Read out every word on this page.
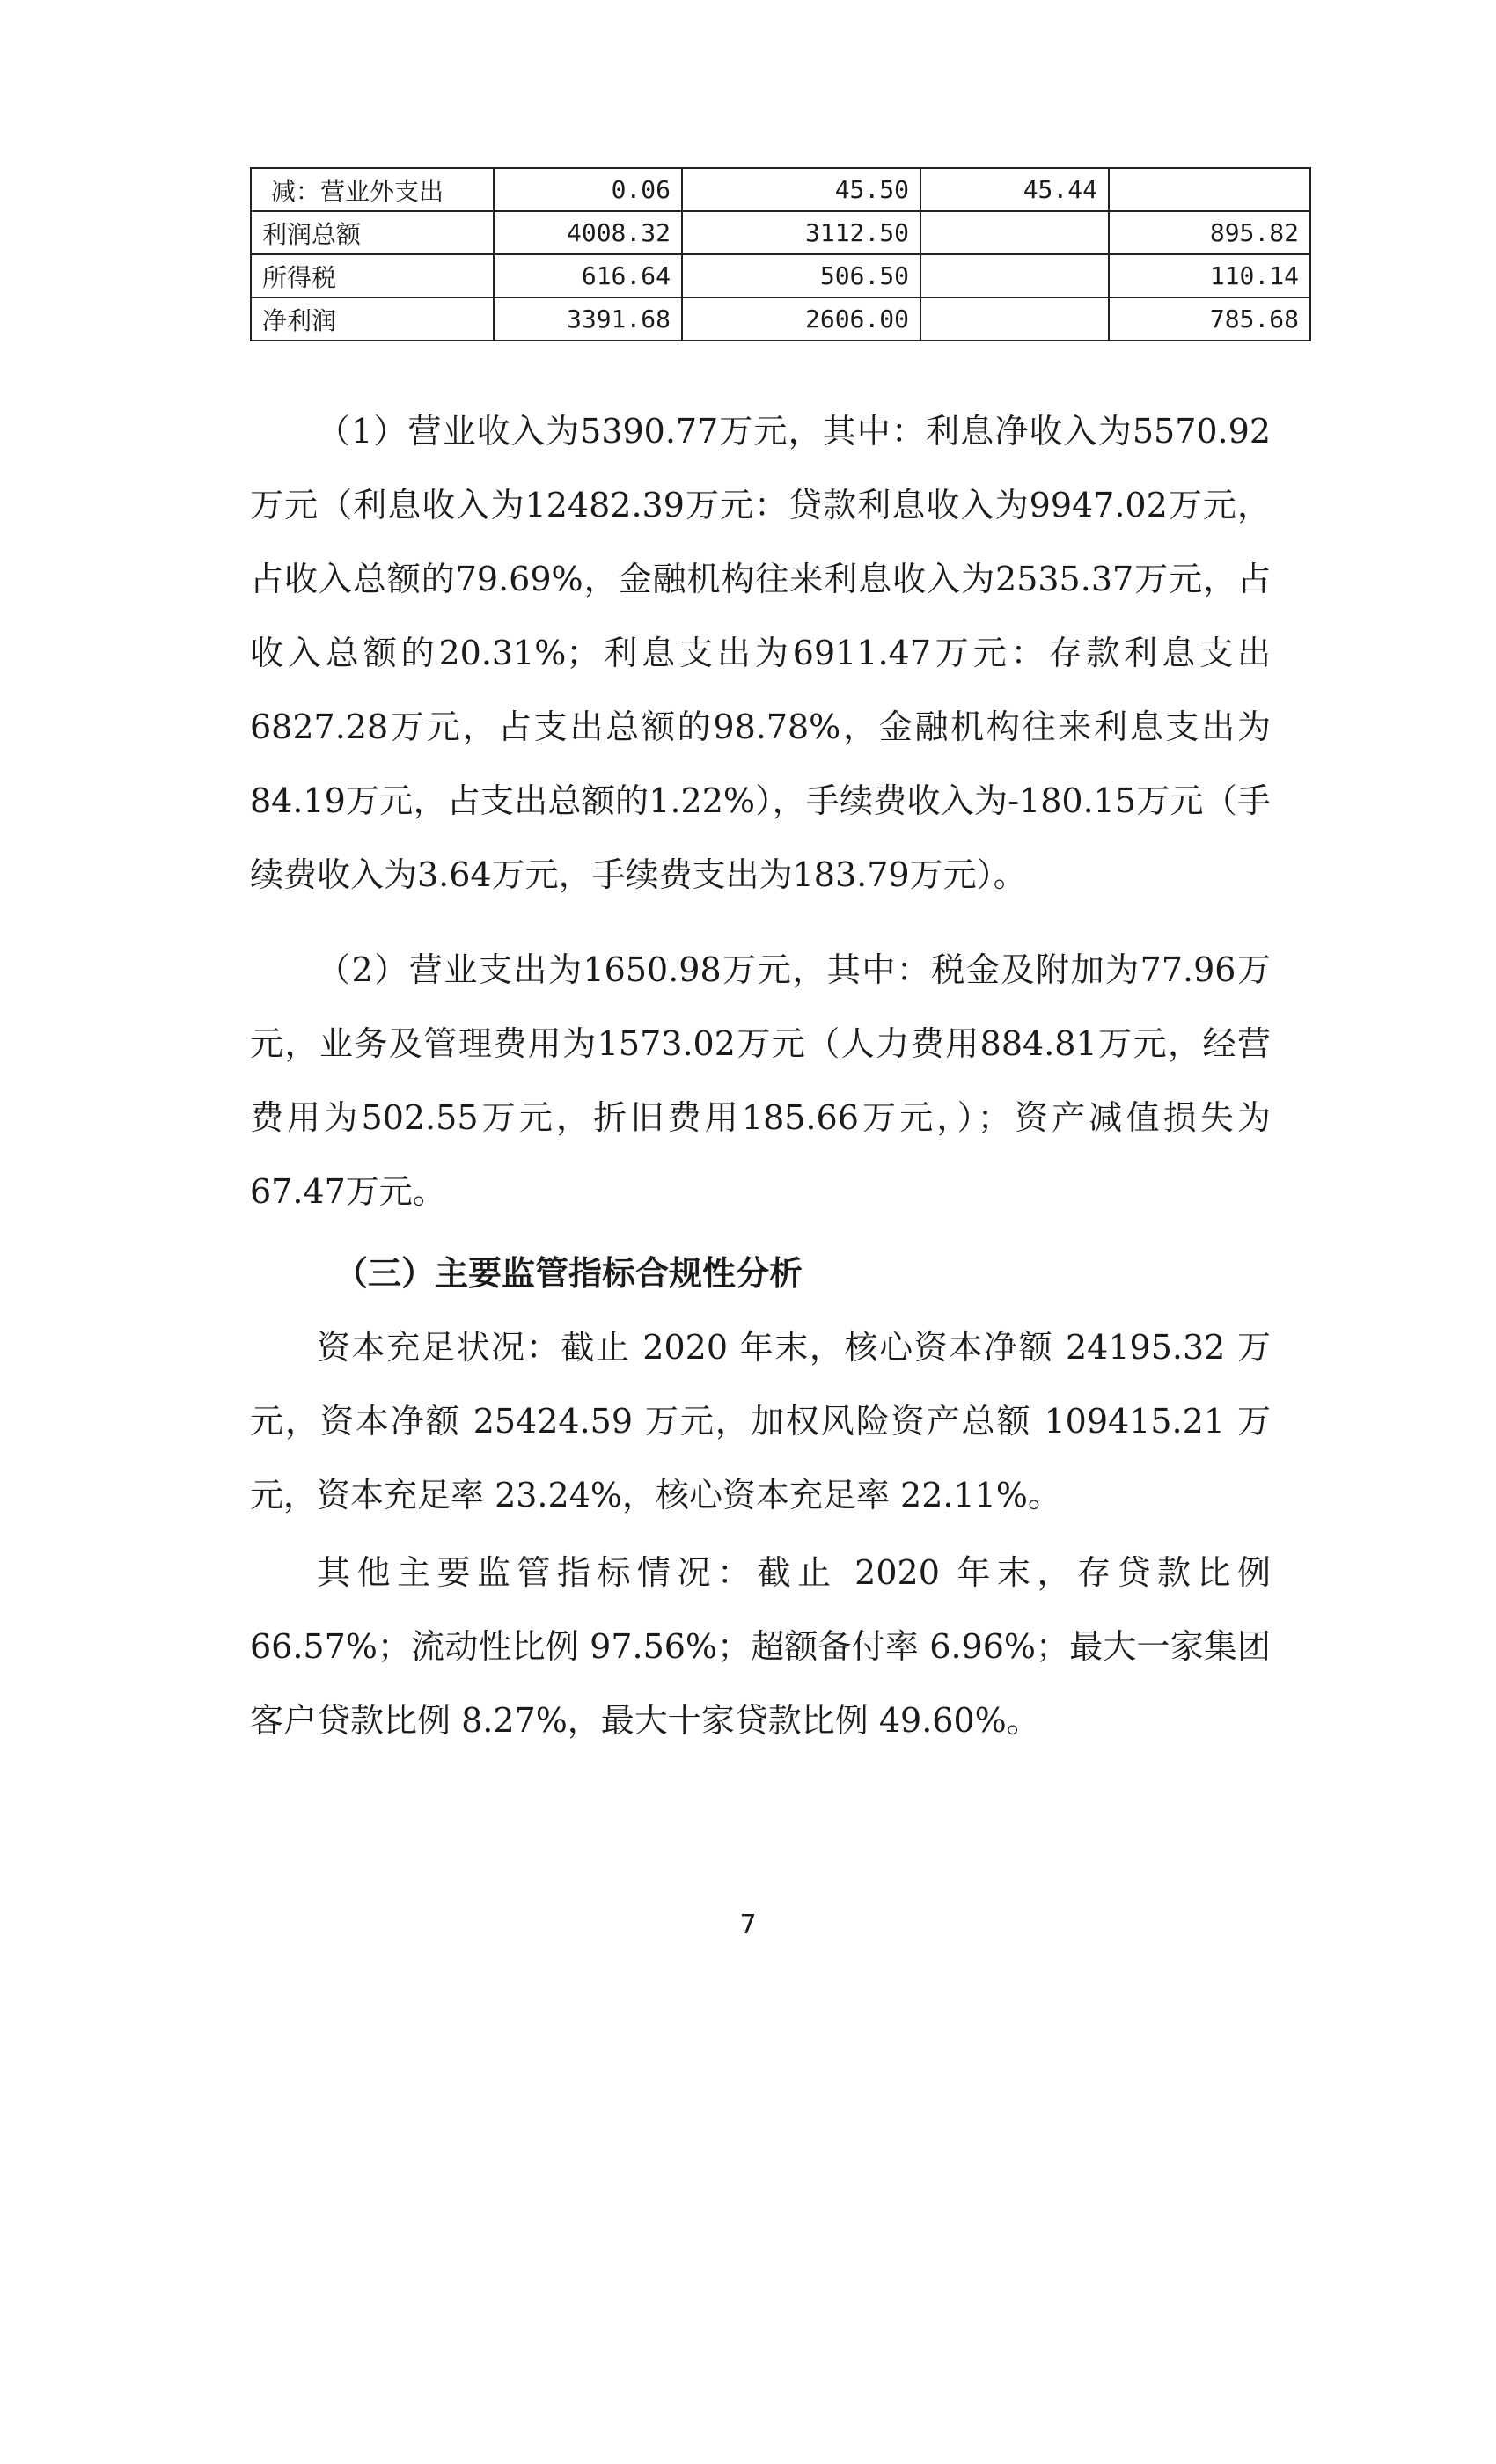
减：营业外支出	0.06	45.50	45.44	
利润总额	4008.32	3112.50		895.82
所得税	616.64	506.50		110.14
净利润	3391.68	2606.00		785.68

（1）营业收入为5390.77万元，其中：利息净收入为5570.92万元（利息收入为12482.39万元：贷款利息收入为9947.02万元，占收入总额的79.69%，金融机构往来利息收入为2535.37万元，占收入总额的20.31%；利息支出为6911.47万元：存款利息支出6827.28万元，占支出总额的98.78%，金融机构往来利息支出为84.19万元，占支出总额的1.22%），手续费收入为-180.15万元（手续费收入为3.64万元，手续费支出为183.79万元）。

（2）营业支出为1650.98万元，其中：税金及附加为77.96万元，业务及管理费用为1573.02万元（人力费用884.81万元，经营费用为502.55万元，折旧费用185.66万元，）；资产减值损失为67.47万元。

（三）主要监管指标合规性分析

资本充足状况：截止 2020 年末，核心资本净额 24195.32 万元，资本净额 25424.59 万元，加权风险资产总额 109415.21 万元，资本充足率 23.24%，核心资本充足率 22.11%。

其他主要监管指标情况：截止 2020 年末，存贷款比例 66.57%；流动性比例 97.56%；超额备付率 6.96%；最大一家集团客户贷款比例 8.27%，最大十家贷款比例 49.60%。

7
